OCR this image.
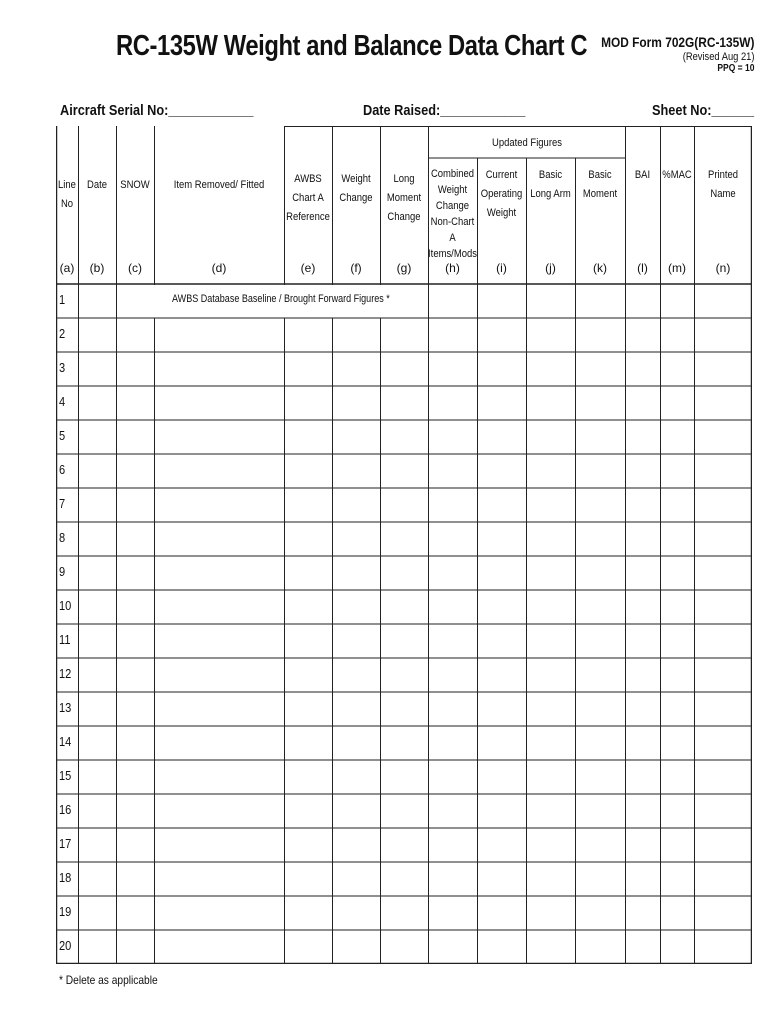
RC-135W Weight and Balance Data Chart C MOD Form 702G(RC-135W)
(Revised Aug 21)
PPQ = 10
Aircraft Serial No:____________	Date Raised:____________	Sheet No:______
Updated Figures
Line
No
(a)
Date
(b)
SNOW
(c)
Item Removed/ Fitted
(d)
AWBS
Chart A
Reference
(e)
Weight
Change
(f)
Long
Moment
Change
(g)
Combined
Weight
Change
Non-Chart A
Items/Mods
(h)
Current
Operating
Weight
(i)
Basic
Long Arm
(j)
Basic
Moment
(k)
BAI
(l)
%MAC
(m)
Printed
Name
(n)
1
2
3
4
5
6
7
8
9
10
11
12
13
14
15
16
17
18
19
20
AWBS Database Baseline / Brought Forward Figures *
* Delete as applicable
